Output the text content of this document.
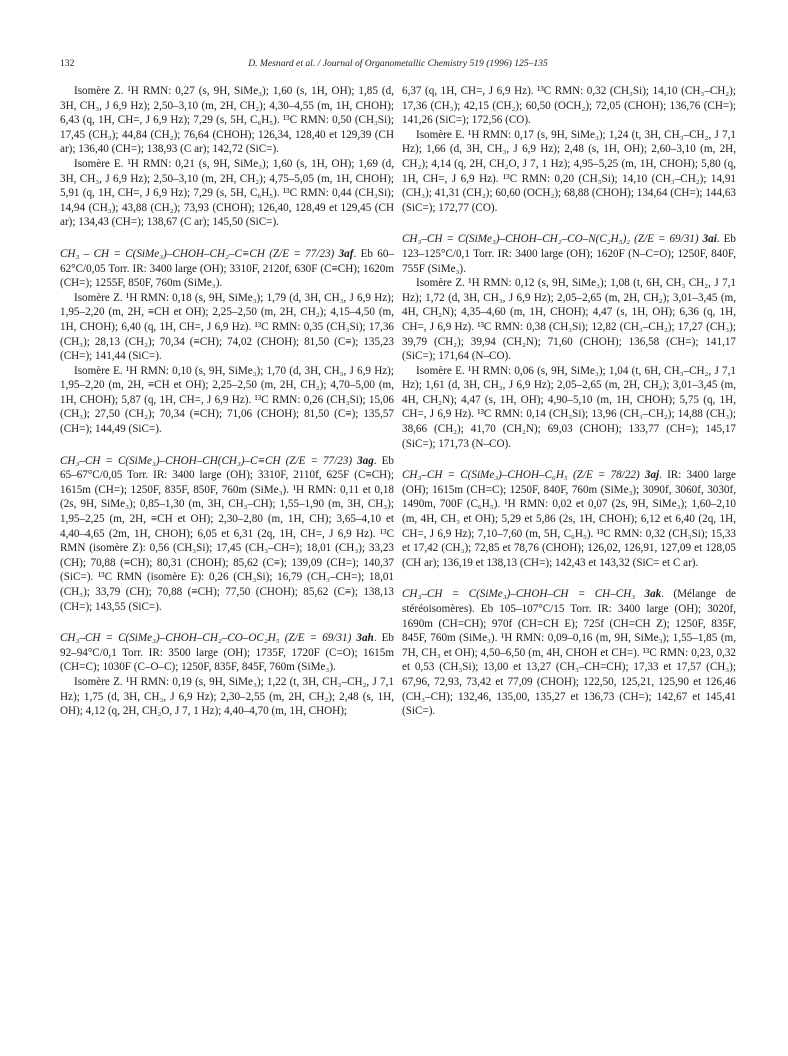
132	D. Mesnard et al. / Journal of Organometallic Chemistry 519 (1996) 125–135

Isomère Z. ¹H RMN: 0,27 (s, 9H, SiMe₃); 1,60 (s, 1H, OH); 1,85 (d, 3H, CH₃, J 6,9 Hz); 2,50–3,10 (m, 2H, CH₂); 4,30–4,55 (m, 1H, CHOH); 6,43 (q, 1H, CH=, J 6,9 Hz); 7,29 (s, 5H, C₆H₅). ¹³C RMN: 0,50 (CH₃Si); 17,45 (CH₃); 44,84 (CH₂); 76,64 (CHOH); 126,34, 128,40 et 129,39 (CH ar); 136,40 (CH=); 138,93 (C ar); 142,72 (SiC=).

Isomère E. ¹H RMN: 0,21 (s, 9H, SiMe₃); 1,60 (s, 1H, OH); 1,69 (d, 3H, CH₃, J 6,9 Hz); 2,50–3,10 (m, 2H, CH₂); 4,75–5,05 (m, 1H, CHOH); 5,91 (q, 1H, CH=, J 6,9 Hz); 7,29 (s, 5H, C₆H₅). ¹³C RMN: 0,44 (CH₃Si); 14,94 (CH₃); 43,88 (CH₂); 73,93 (CHOH); 126,40, 128,49 et 129,45 (CH ar); 134,43 (CH=); 138,67 (C ar); 145,50 (SiC=).

CH₃ – CH = C(SiMe₃)–CHOH–CH₂–C≡CH (Z/E = 77/23) 3af. Eb 60–62°C/0,05 Torr. IR: 3400 large (OH); 3310F, 2120f, 630F (C≡CH); 1620m (CH=); 1255F, 850F, 760m (SiMe₃).

Isomère Z. ¹H RMN: 0,18 (s, 9H, SiMe₃); 1,79 (d, 3H, CH₃, J 6,9 Hz); 1,95–2,20 (m, 2H, ≡CH et OH); 2,25–2,50 (m, 2H, CH₂); 4,15–4,50 (m, 1H, CHOH); 6,40 (q, 1H, CH=, J 6,9 Hz). ¹³C RMN: 0,35 (CH₃Si); 17,36 (CH₃); 28,13 (CH₂); 70,34 (≡CH); 74,02 (CHOH); 81,50 (C≡); 135,23 (CH=); 141,44 (SiC=).

Isomère E. ¹H RMN: 0,10 (s, 9H, SiMe₃); 1,70 (d, 3H, CH₃, J 6,9 Hz); 1,95–2,20 (m, 2H, ≡CH et OH); 2,25–2,50 (m, 2H, CH₂); 4,70–5,00 (m, 1H, CHOH); 5,87 (q, 1H, CH=, J 6,9 Hz). ¹³C RMN: 0,26 (CH₃Si); 15,06 (CH₃); 27,50 (CH₂); 70,34 (≡CH); 71,06 (CHOH); 81,50 (C≡); 135,57 (CH=); 144,49 (SiC=).

CH₃–CH = C(SiMe₃)–CHOH–CH(CH₃)–C≡CH (Z/E = 77/23) 3ag. Eb 65–67°C/0,05 Torr. IR: 3400 large (OH); 3310F, 2110f, 625F (C≡CH); 1615m (CH=); 1250F, 835F, 850F, 760m (SiMe₃). ¹H RMN: 0,11 et 0,18 (2s, 9H, SiMe₃); 0,85–1,30 (m, 3H, CH₃–CH); 1,55–1,90 (m, 3H, CH₃); 1,95–2,25 (m, 2H, ≡CH et OH); 2,30–2,80 (m, 1H, CH); 3,65–4,10 et 4,40–4,65 (2m, 1H, CHOH); 6,05 et 6,31 (2q, 1H, CH=, J 6,9 Hz). ¹³C RMN (isomère Z): 0,56 (CH₃Si); 17,45 (CH₃–CH=); 18,01 (CH₃); 33,23 (CH); 70,88 (≡CH); 80,31 (CHOH); 85,62 (C≡); 139,09 (CH=); 140,37 (SiC=). ¹³C RMN (isomère E): 0,26 (CH₃Si); 16,79 (CH₃–CH=); 18,01 (CH₃); 33,79 (CH); 70,88 (≡CH); 77,50 (CHOH); 85,62 (C≡); 138,13 (CH=); 143,55 (SiC=).

CH₃–CH = C(SiMe₃)–CHOH–CH₂–CO–OC₂H₅ (Z/E = 69/31) 3ah. Eb 92–94°C/0,1 Torr. IR: 3500 large (OH); 1735F, 1720F (C=O); 1615m (CH=C); 1030F (C–O–C); 1250F, 835F, 845F, 760m (SiMe₃).

Isomère Z. ¹H RMN: 0,19 (s, 9H, SiMe₃); 1,22 (t, 3H, CH₃–CH₂, J 7,1 Hz); 1,75 (d, 3H, CH₃, J 6,9 Hz); 2,30–2,55 (m, 2H, CH₂); 2,48 (s, 1H, OH); 4,12 (q, 2H, CH₂O, J 7, 1 Hz); 4,40–4,70 (m, 1H, CHOH);

6,37 (q, 1H, CH=, J 6,9 Hz). ¹³C RMN: 0,32 (CH₃Si); 14,10 (CH₃–CH₂); 17,36 (CH₃); 42,15 (CH₂); 60,50 (OCH₂); 72,05 (CHOH); 136,76 (CH=); 141,26 (SiC=); 172,56 (CO).

Isomère E. ¹H RMN: 0,17 (s, 9H, SiMe₃); 1,24 (t, 3H, CH₃–CH₂, J 7,1 Hz); 1,66 (d, 3H, CH₃, J 6,9 Hz); 2,48 (s, 1H, OH); 2,60–3,10 (m, 2H, CH₂); 4,14 (q, 2H, CH₂O, J 7, 1 Hz); 4,95–5,25 (m, 1H, CHOH); 5,80 (q, 1H, CH=, J 6,9 Hz). ¹³C RMN: 0,20 (CH₃Si); 14,10 (CH₃–CH₂); 14,91 (CH₃); 41,31 (CH₂); 60,60 (OCH₂); 68,88 (CHOH); 134,64 (CH=); 144,63 (SiC=); 172,77 (CO).

CH₃–CH = C(SiMe₃)–CHOH–CH₂–CO–N(C₂H₅)₂ (Z/E = 69/31) 3ai. Eb 123–125°C/0,1 Torr. IR: 3400 large (OH); 1620F (N–C=O); 1250F, 840F, 755F (SiMe₃).

Isomère Z. ¹H RMN: 0,12 (s, 9H, SiMe₃); 1,08 (t, 6H, CH₃ CH₂, J 7,1 Hz); 1,72 (d, 3H, CH₃, J 6,9 Hz); 2,05–2,65 (m, 2H, CH₂); 3,01–3,45 (m, 4H, CH₂N); 4,35–4,60 (m, 1H, CHOH); 4,47 (s, 1H, OH); 6,36 (q, 1H, CH=, J 6,9 Hz). ¹³C RMN: 0,38 (CH₃Si); 12,82 (CH₃–CH₂); 17,27 (CH₃); 39,79 (CH₂); 39,94 (CH₂N); 71,60 (CHOH); 136,58 (CH=); 141,17 (SiC=); 171,64 (N–CO).

Isomère E. ¹H RMN: 0,06 (s, 9H, SiMe₃); 1,04 (t, 6H, CH₃–CH₂, J 7,1 Hz); 1,61 (d, 3H, CH₃, J 6,9 Hz); 2,05–2,65 (m, 2H, CH₂); 3,01–3,45 (m, 4H, CH₂N); 4,47 (s, 1H, OH); 4,90–5,10 (m, 1H, CHOH); 5,75 (q, 1H, CH=, J 6,9 Hz). ¹³C RMN: 0,14 (CH₃Si); 13,96 (CH₃–CH₂); 14,88 (CH₃); 38,66 (CH₂); 41,70 (CH₂N); 69,03 (CHOH); 133,77 (CH=); 145,17 (SiC=); 171,73 (N–CO).

CH₃–CH = C(SiMe₃)–CHOH–C₆H₅ (Z/E = 78/22) 3aj. IR: 3400 large (OH); 1615m (CH=C); 1250F, 840F, 760m (SiMe₃); 3090f, 3060f, 3030f, 1490m, 700F (C₆H₅). ¹H RMN: 0,02 et 0,07 (2s, 9H, SiMe₃); 1,60–2,10 (m, 4H, CH₃ et OH); 5,29 et 5,86 (2s, 1H, CHOH); 6,12 et 6,40 (2q, 1H, CH=, J 6,9 Hz); 7,10–7,60 (m, 5H, C₆H₅). ¹³C RMN: 0,32 (CH₃Si); 15,33 et 17,42 (CH₃); 72,85 et 78,76 (CHOH); 126,02, 126,91, 127,09 et 128,05 (CH ar); 136,19 et 138,13 (CH=); 142,43 et 143,32 (SiC= et C ar).

CH₃–CH = C(SiMe₃)–CHOH–CH = CH–CH₃ 3ak. (Mélange de stéréoisomères). Eb 105–107°C/15 Torr. IR: 3400 large (OH); 3020f, 1690m (CH=CH); 970f (CH=CH E); 725f (CH=CH Z); 1250F, 835F, 845F, 760m (SiMe₃). ¹H RMN: 0,09–0,16 (m, 9H, SiMe₃); 1,55–1,85 (m, 7H, CH₃ et OH); 4,50–6,50 (m, 4H, CHOH et CH=). ¹³C RMN: 0,23, 0,32 et 0,53 (CH₃Si); 13,00 et 13,27 (CH₃–CH=CH); 17,33 et 17,57 (CH₃); 67,96, 72,93, 73,42 et 77,09 (CHOH); 122,50, 125,21, 125,90 et 126,46 (CH₃–CH); 132,46, 135,00, 135,27 et 136,73 (CH=); 142,67 et 145,41 (SiC=).
